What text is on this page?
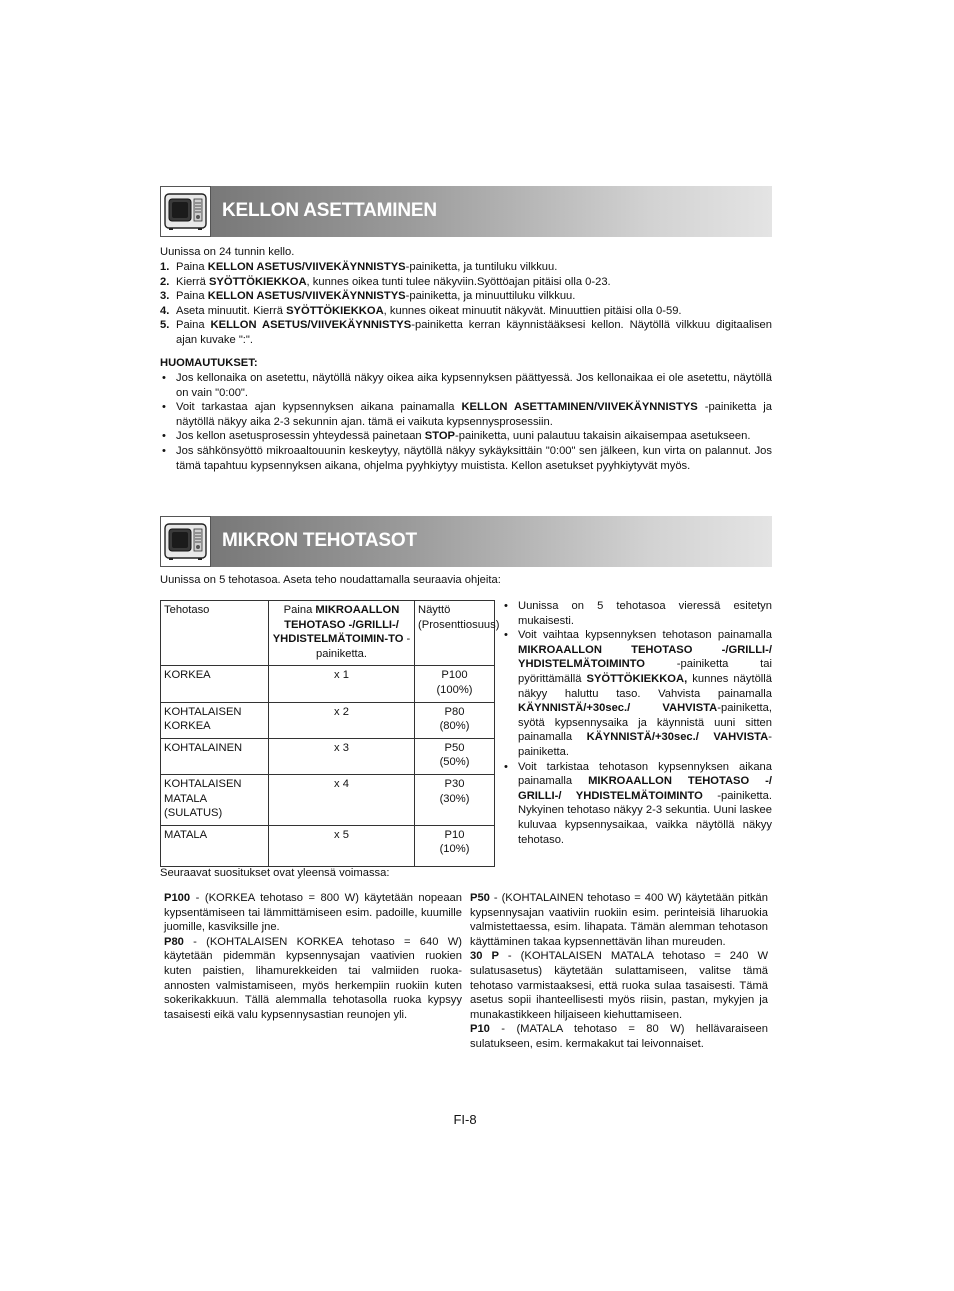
KELLON ASETTAMINEN
Uunissa on 24 tunnin kello.
1. Paina KELLON ASETUS/VIIVEKÄYNNISTYS-painiketta, ja tuntiluku vilkkuu.
2. Kierrä SYÖTTÖKIEKKOA, kunnes oikea tunti tulee näkyviin.Syöttöajan pitäisi olla 0-23.
3. Paina KELLON ASETUS/VIIVEKÄYNNISTYS-painiketta, ja minuuttiluku vilkkuu.
4. Aseta minuutit. Kierrä SYÖTTÖKIEKKOA, kunnes oikeat minuutit näkyvät. Minuuttien pitäisi olla 0-59.
5. Paina KELLON ASETUS/VIIVEKÄYNNISTYS-painiketta kerran käynnistääksesi kellon. Näytöllä vilkkuu digitaalisen ajan kuvake ":".
HUOMAUTUKSET:
• Jos kellonaika on asetettu, näytöllä näkyy oikea aika kypsennyksen päättyessä. Jos kellonaikaa ei ole asetettu, näytöllä on vain "0:00".
• Voit tarkastaa ajan kypsennyksen aikana painamalla KELLON ASETTAMINEN/VIIVEKÄYNNISTYS -painiketta ja näytöllä näkyy aika 2-3 sekunnin ajan. tämä ei vaikuta kypsennysprosessiin.
• Jos kellon asetusprosessin yhteydessä painetaan STOP-painiketta, uuni palautuu takaisin aikaisempaa asetukseen.
• Jos sähkönsyöttö mikroaaltouunin keskeytyy, näytöllä näkyy sykäyksittäin "0:00" sen jälkeen, kun virta on palannut. Jos tämä tapahtuu kypsennyksen aikana, ohjelma pyyhkiytyy muistista. Kellon asetukset pyyhkiytyvät myös.
MIKRON TEHOTASOT
Uunissa on 5 tehotasoa. Aseta teho noudattamalla seuraavia ohjeita:
Tehotaso	Paina MIKROAALLON TEHOTASO -/GRILLI-/ YHDISTELMÄTOIMIN-TO -painiketta.	Näyttö (Prosenttiosuus)
KORKEA	x 1	P100
(100%)

KOHTALAISEN KORKEA	x 2	P80
(80%)

KOHTALAINEN	x 3	P50
(50%)

KOHTALAISEN MATALA (SULATUS)	x 4	P30
(30%)

MATALA	x 5	P10
(10%)
• Uunissa on 5 tehotasoa vieressä esitetyn mukaisesti.
• Voit vaihtaa kypsennyksen tehotason painamalla MIKROAALLON TEHOTASO -/GRILLI-/ YHDISTELMÄTOIMINTO -painiketta tai pyörittämällä SYÖTTÖKIEKKOA, kunnes näytöllä näkyy haluttu taso. Vahvista painamalla KÄYNNISTÄ/+30sec./ VAHVISTA-painiketta, syötä kypsennysaika ja käynnistä uuni sitten painamalla KÄYNNISTÄ/+30sec./ VAHVISTA-painiketta.
• Voit tarkistaa tehotason kypsennyksen aikana painamalla MIKROAALLON TEHOTASO -/ GRILLI-/ YHDISTELMÄTOIMINTO -painiketta. Nykyinen tehotaso näkyy 2-3 sekuntia. Uuni laskee kuluvaa kypsennysaikaa, vaikka näytöllä näkyy tehotaso.
Seuraavat suositukset ovat yleensä voimassa:
P100 - (KORKEA tehotaso = 800 W) käytetään nopeaan kypsentämiseen tai lämmittämiseen esim. padoille, kuumille juomille, kasviksille jne.
P80 - (KOHTALAISEN KORKEA tehotaso = 640 W) käytetään pidemmän kypsennysajan vaativien ruokien kuten paistien, lihamurekkeiden tai valmiiden ruoka-annosten valmistamiseen, myös herkempiin ruokiin kuten sokerikakkuun. Tällä alemmalla tehotasolla ruoka kypsyy tasaisesti eikä valu kypsennysastian reunojen yli.
P50 - (KOHTALAINEN tehotaso = 400 W) käytetään pitkän kypsennysajan vaativiin ruokiin esim. perinteisiä liharuokia valmistettaessa, esim. lihapata. Tämän alemman tehotason käyttäminen takaa kypsennettävän lihan mureuden.
30 P - (KOHTALAISEN MATALA tehotaso = 240 W sulatusasetus) käytetään sulattamiseen, valitse tämä tehotaso varmistaaksesi, että ruoka sulaa tasaisesti. Tämä asetus sopii ihanteellisesti myös riisin, pastan, mykyjen ja munakastikkeen hiljaiseen kiehuttamiseen.
P10 - (MATALA tehotaso = 80 W) hellävaraiseen sulatukseen, esim. kermakakut tai leivonnaiset.
FI-8
